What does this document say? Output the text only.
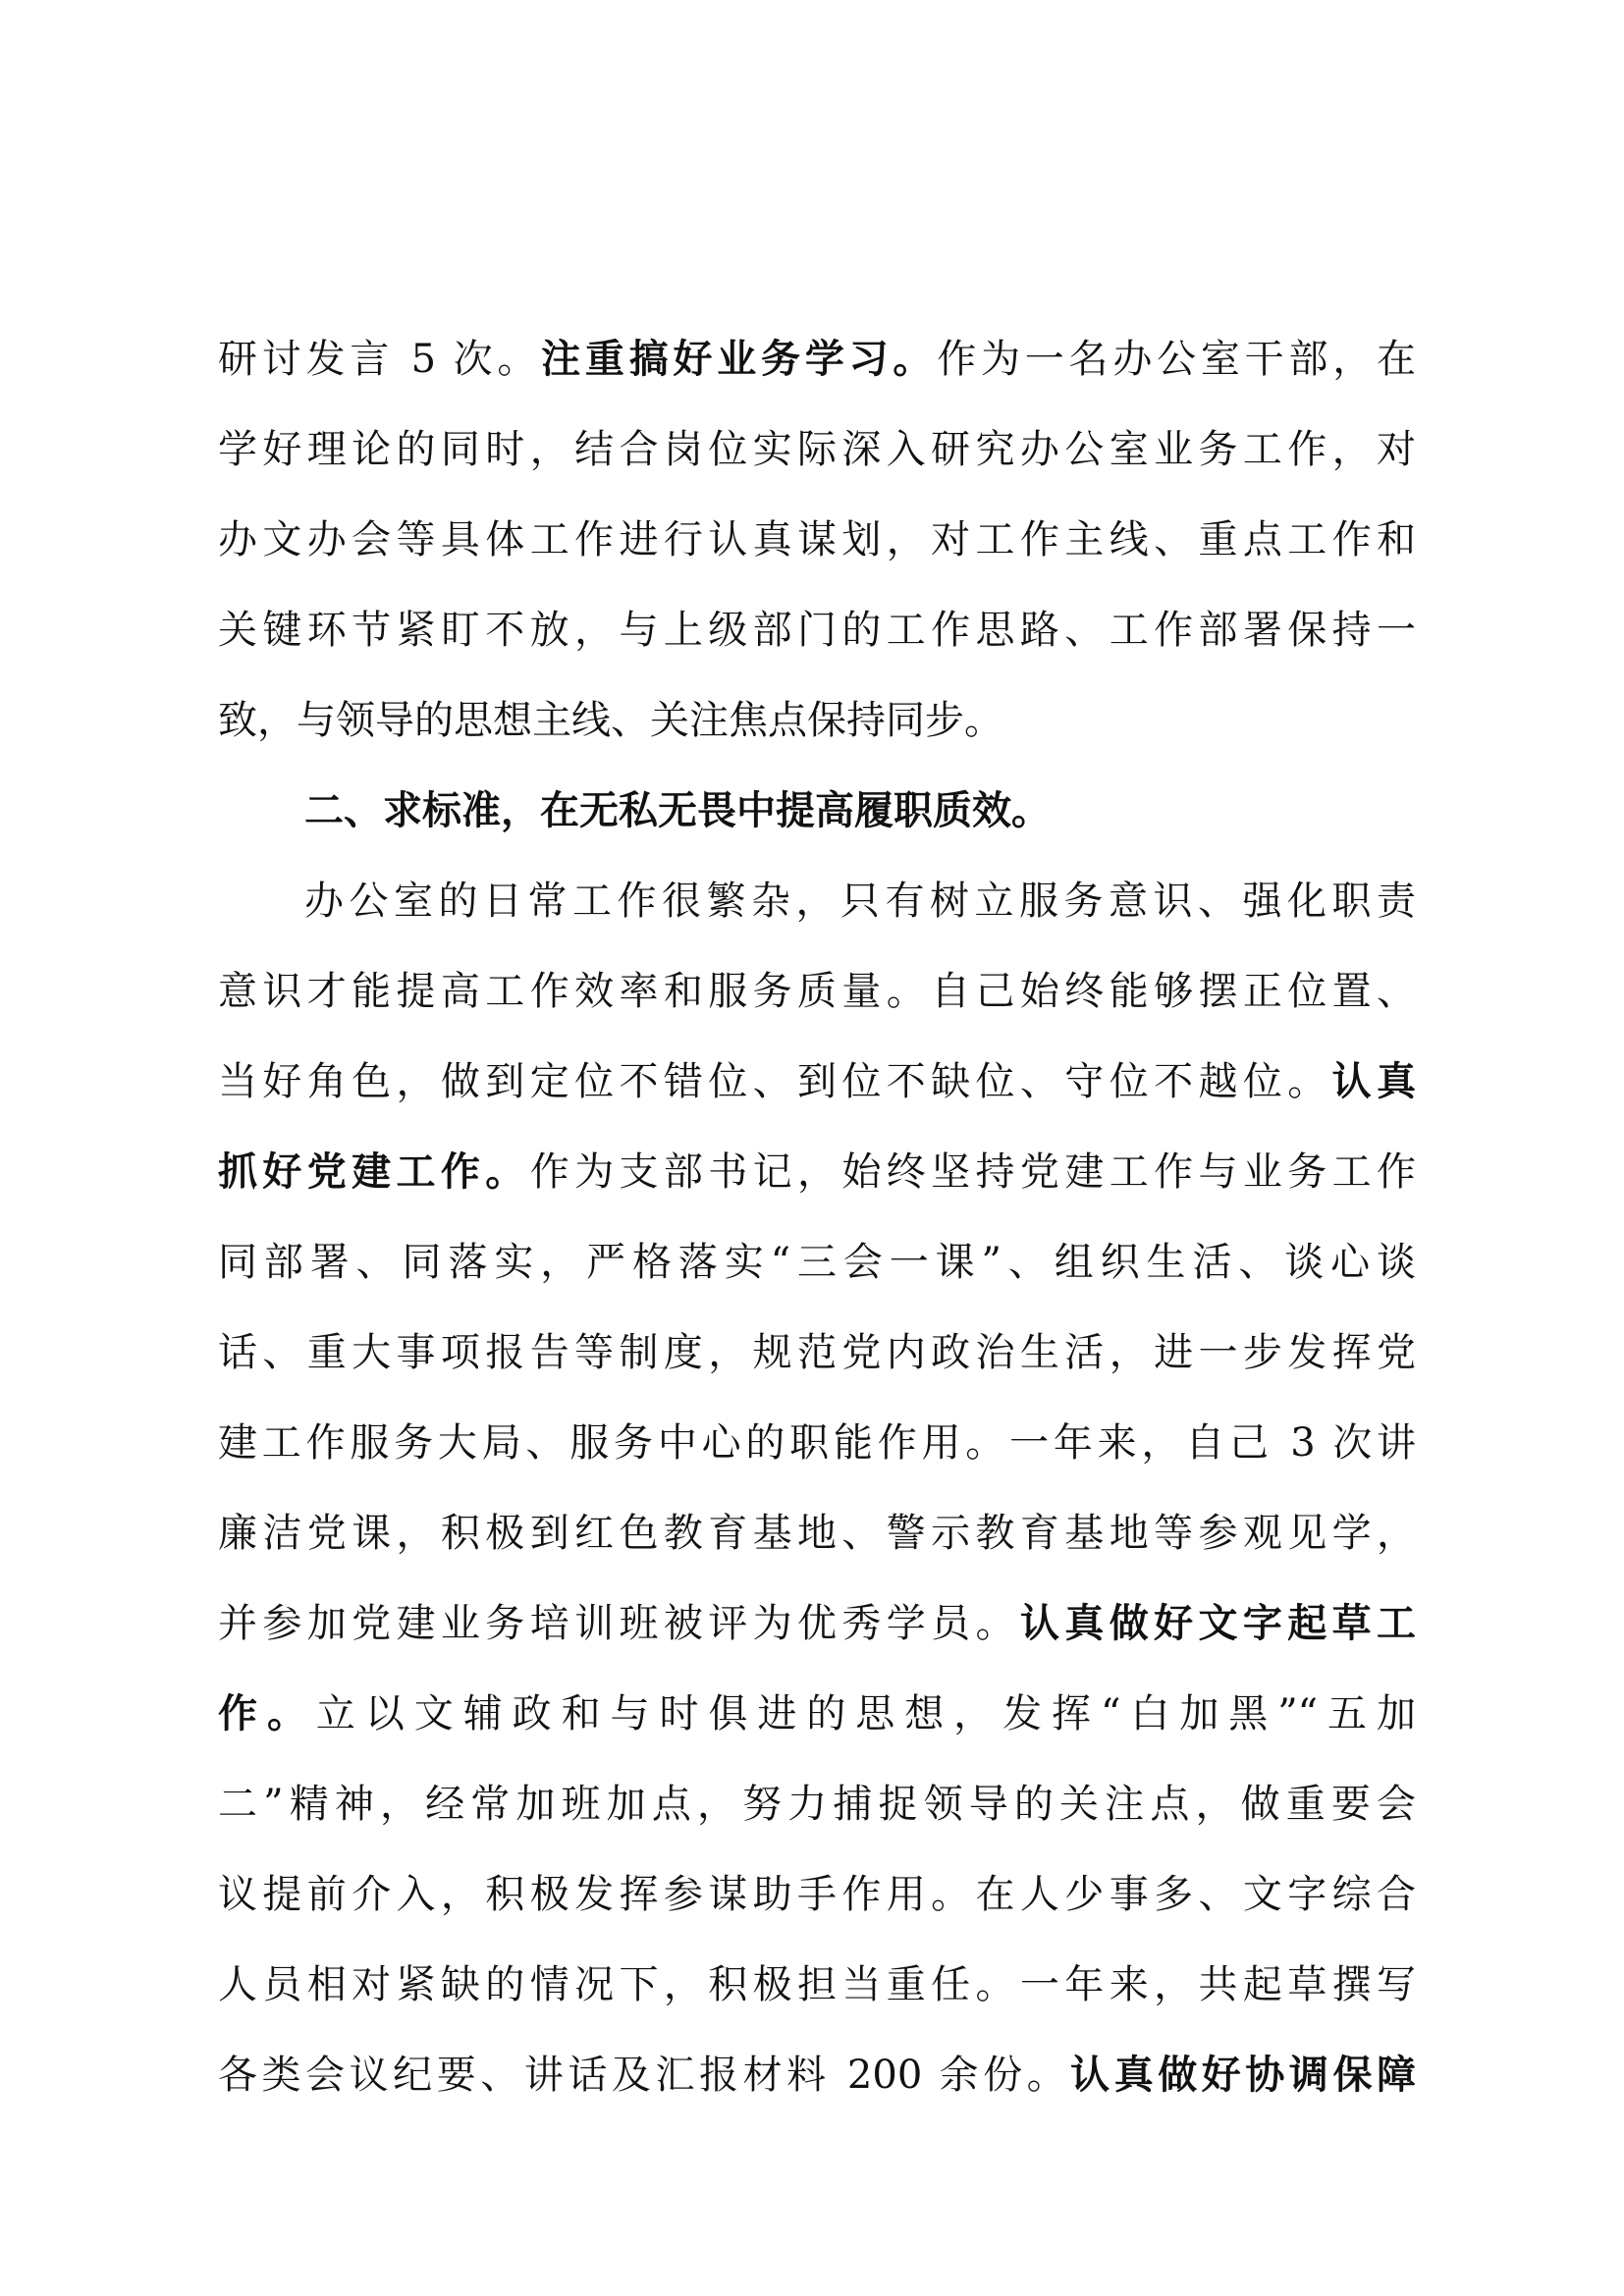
研讨发言 5 次。注重搞好业务学习。作为一名办公室干部，在
学好理论的同时，结合岗位实际深入研究办公室业务工作，对
办文办会等具体工作进行认真谋划，对工作主线、重点工作和
关键环节紧盯不放，与上级部门的工作思路、工作部署保持一
致，与领导的思想主线、关注焦点保持同步。
二、求标准，在无私无畏中提高履职质效。
办公室的日常工作很繁杂，只有树立服务意识、强化职责
意识才能提高工作效率和服务质量。自己始终能够摆正位置、
当好角色，做到定位不错位、到位不缺位、守位不越位。认真
抓好党建工作。作为支部书记，始终坚持党建工作与业务工作
同部署、同落实，严格落实“三会一课”、组织生活、谈心谈
话、重大事项报告等制度，规范党内政治生活，进一步发挥党
建工作服务大局、服务中心的职能作用。一年来，自己 3 次讲
廉洁党课，积极到红色教育基地、警示教育基地等参观见学，
并参加党建业务培训班被评为优秀学员。认真做好文字起草工
作。立以文辅政和与时俱进的思想，发挥“白加黑”“五加
二”精神，经常加班加点，努力捕捉领导的关注点，做重要会
议提前介入，积极发挥参谋助手作用。在人少事多、文字综合
人员相对紧缺的情况下，积极担当重任。一年来，共起草撰写
各类会议纪要、讲话及汇报材料 200 余份。认真做好协调保障
